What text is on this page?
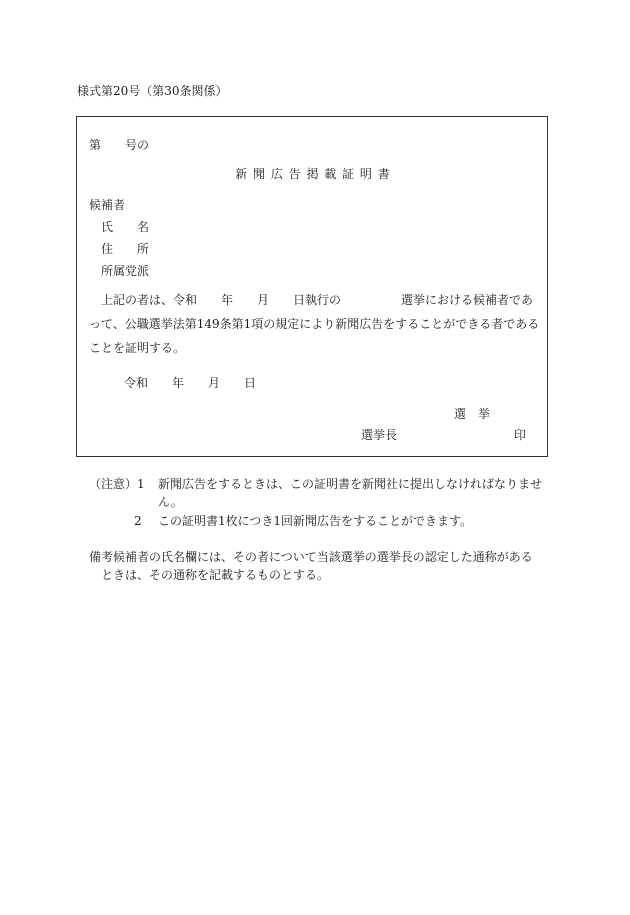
様式第20号（第30条関係）
第 号の
新 聞 広 告 掲 載 証 明 書
候補者
氏　　名
住　　所
所属党派
上記の者は、令和　　年　　月　　日執行の　　　　　選挙における候補者であって、公職選挙法第149条第1項の規定により新聞広告をすることができる者であることを証明する。
令和 年 月 日
選　挙
選挙長	印
（注意） 1 新聞広告をするときは、この証明書を新聞社に提出しなければなりません。
2 この証明書1枚につき1回新聞広告をすることができます。
備考 候補者の氏名欄には、その者について当該選挙の選挙長の認定した通称があるときは、その通称を記載するものとする。
